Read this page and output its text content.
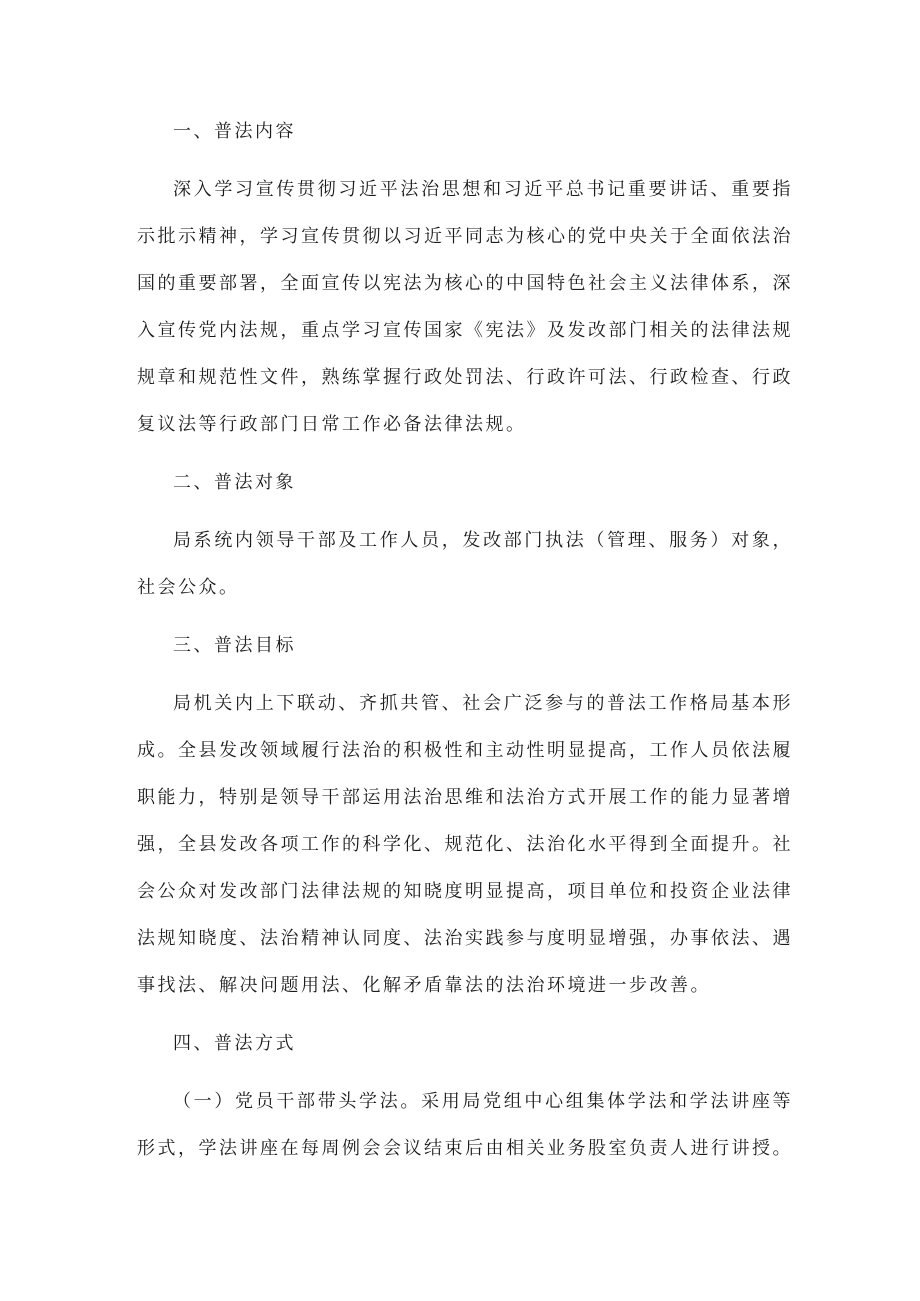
一、普法内容
深入学习宣传贯彻习近平法治思想和习近平总书记重要讲话、重要指
示批示精神，学习宣传贯彻以习近平同志为核心的党中央关于全面依法治
国的重要部署，全面宣传以宪法为核心的中国特色社会主义法律体系，深
入宣传党内法规，重点学习宣传国家《宪法》及发改部门相关的法律法规
规章和规范性文件，熟练掌握行政处罚法、行政许可法、行政检查、行政
复议法等行政部门日常工作必备法律法规。
二、普法对象
局系统内领导干部及工作人员，发改部门执法（管理、服务）对象，
社会公众。
三、普法目标
局机关内上下联动、齐抓共管、社会广泛参与的普法工作格局基本形
成。全县发改领域履行法治的积极性和主动性明显提高，工作人员依法履
职能力，特别是领导干部运用法治思维和法治方式开展工作的能力显著增
强，全县发改各项工作的科学化、规范化、法治化水平得到全面提升。社
会公众对发改部门法律法规的知晓度明显提高，项目单位和投资企业法律
法规知晓度、法治精神认同度、法治实践参与度明显增强，办事依法、遇
事找法、解决问题用法、化解矛盾靠法的法治环境进一步改善。
四、普法方式
（一）党员干部带头学法。采用局党组中心组集体学法和学法讲座等
形式，学法讲座在每周例会会议结束后由相关业务股室负责人进行讲授。
